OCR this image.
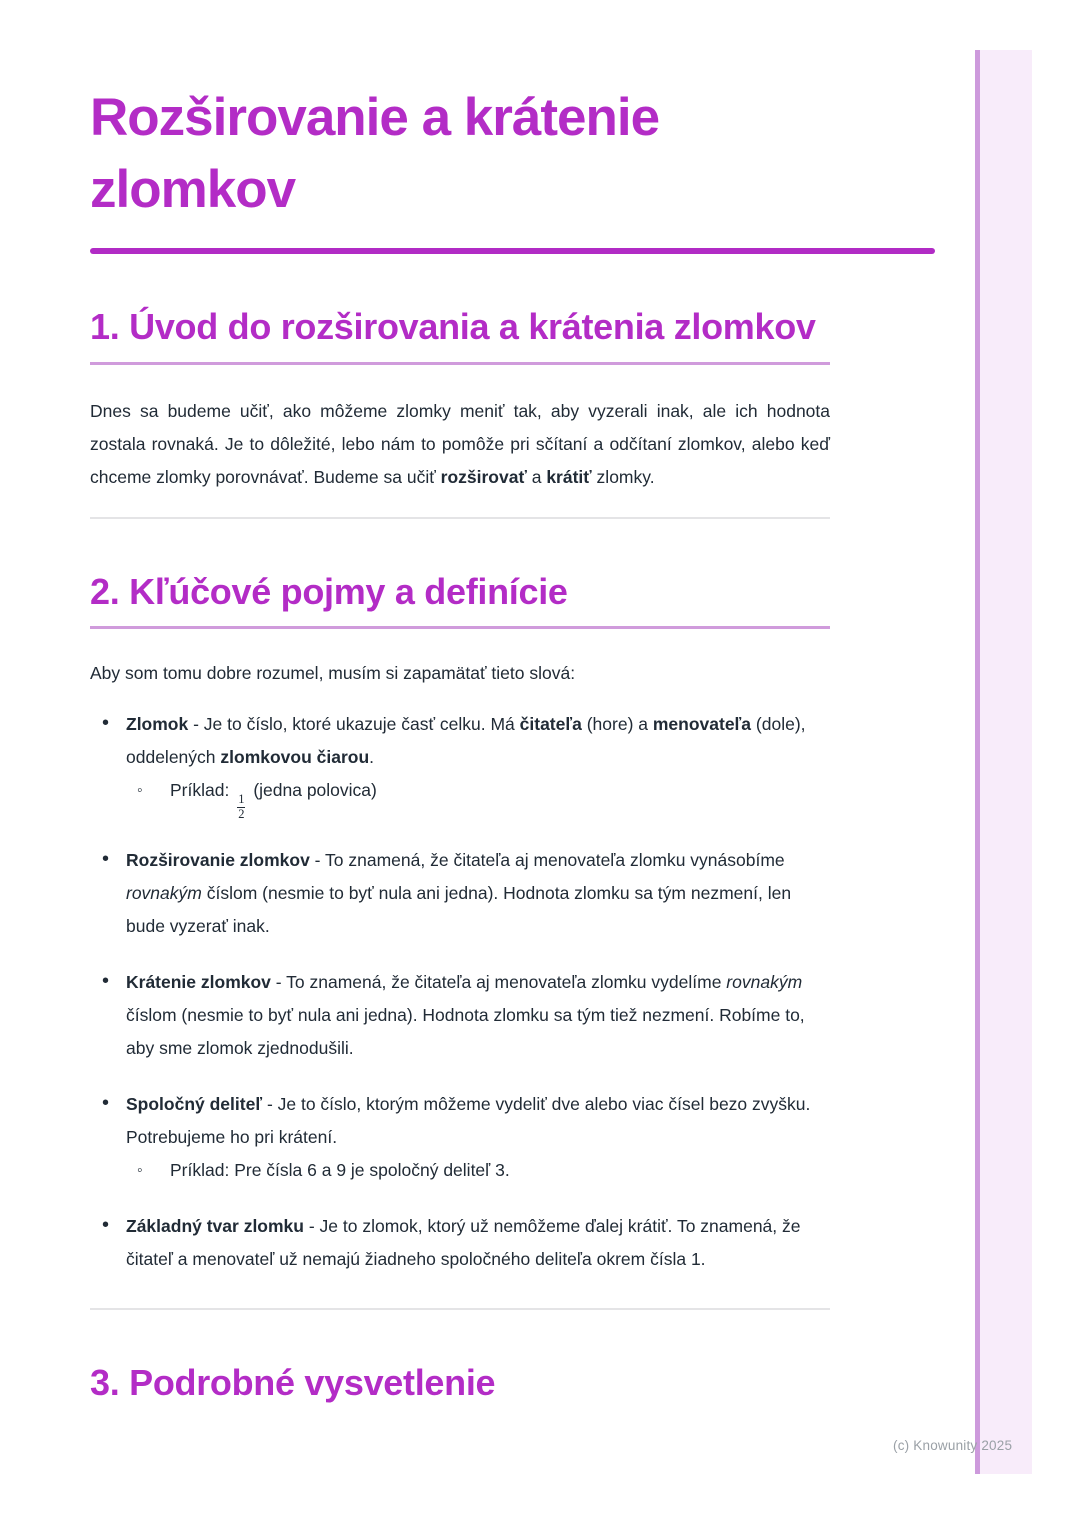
(c) Knowunity 2025
Rozširovanie a krátenie zlomkov
1. Úvod do rozširovania a krátenia zlomkov

Dnes sa budeme učiť, ako môžeme zlomky meniť tak, aby vyzerali inak, ale ich hodnota zostala rovnaká. Je to dôležité, lebo nám to pomôže pri sčítaní a odčítaní zlomkov, alebo keď chceme zlomky porovnávať. Budeme sa učiť rozširovať a krátiť zlomky.

2. Kľúčové pojmy a definície

Aby som tomu dobre rozumel, musím si zapamätať tieto slová:

• Zlomok - Je to číslo, ktoré ukazuje časť celku. Má čitateľa (hore) a menovateľa (dole), oddelených zlomkovou čiarou.

◦ Príklad:
$\frac{1}{2}$
(jedna polovica)

• Rozširovanie zlomkov - To znamená, že čitateľa aj menovateľa zlomku vynásobíme rovnakým číslom (nesmie to byť nula ani jedna). Hodnota zlomku sa tým nezmení, len bude vyzerať inak.

• Krátenie zlomkov - To znamená, že čitateľa aj menovateľa zlomku vydelíme rovnakým číslom (nesmie to byť nula ani jedna). Hodnota zlomku sa tým tiež nezmení. Robíme to, aby sme zlomok zjednodušili.

• Spoločný deliteľ - Je to číslo, ktorým môžeme vydeliť dve alebo viac čísel bezo zvyšku. Potrebujeme ho pri krátení.

◦ Príklad: Pre čísla 6 a 9 je spoločný deliteľ 3.

• Základný tvar zlomku - Je to zlomok, ktorý už nemôžeme ďalej krátiť. To znamená, že čitateľ a menovateľ už nemajú žiadneho spoločného deliteľa okrem čísla 1.

3. Podrobné vysvetlenie
